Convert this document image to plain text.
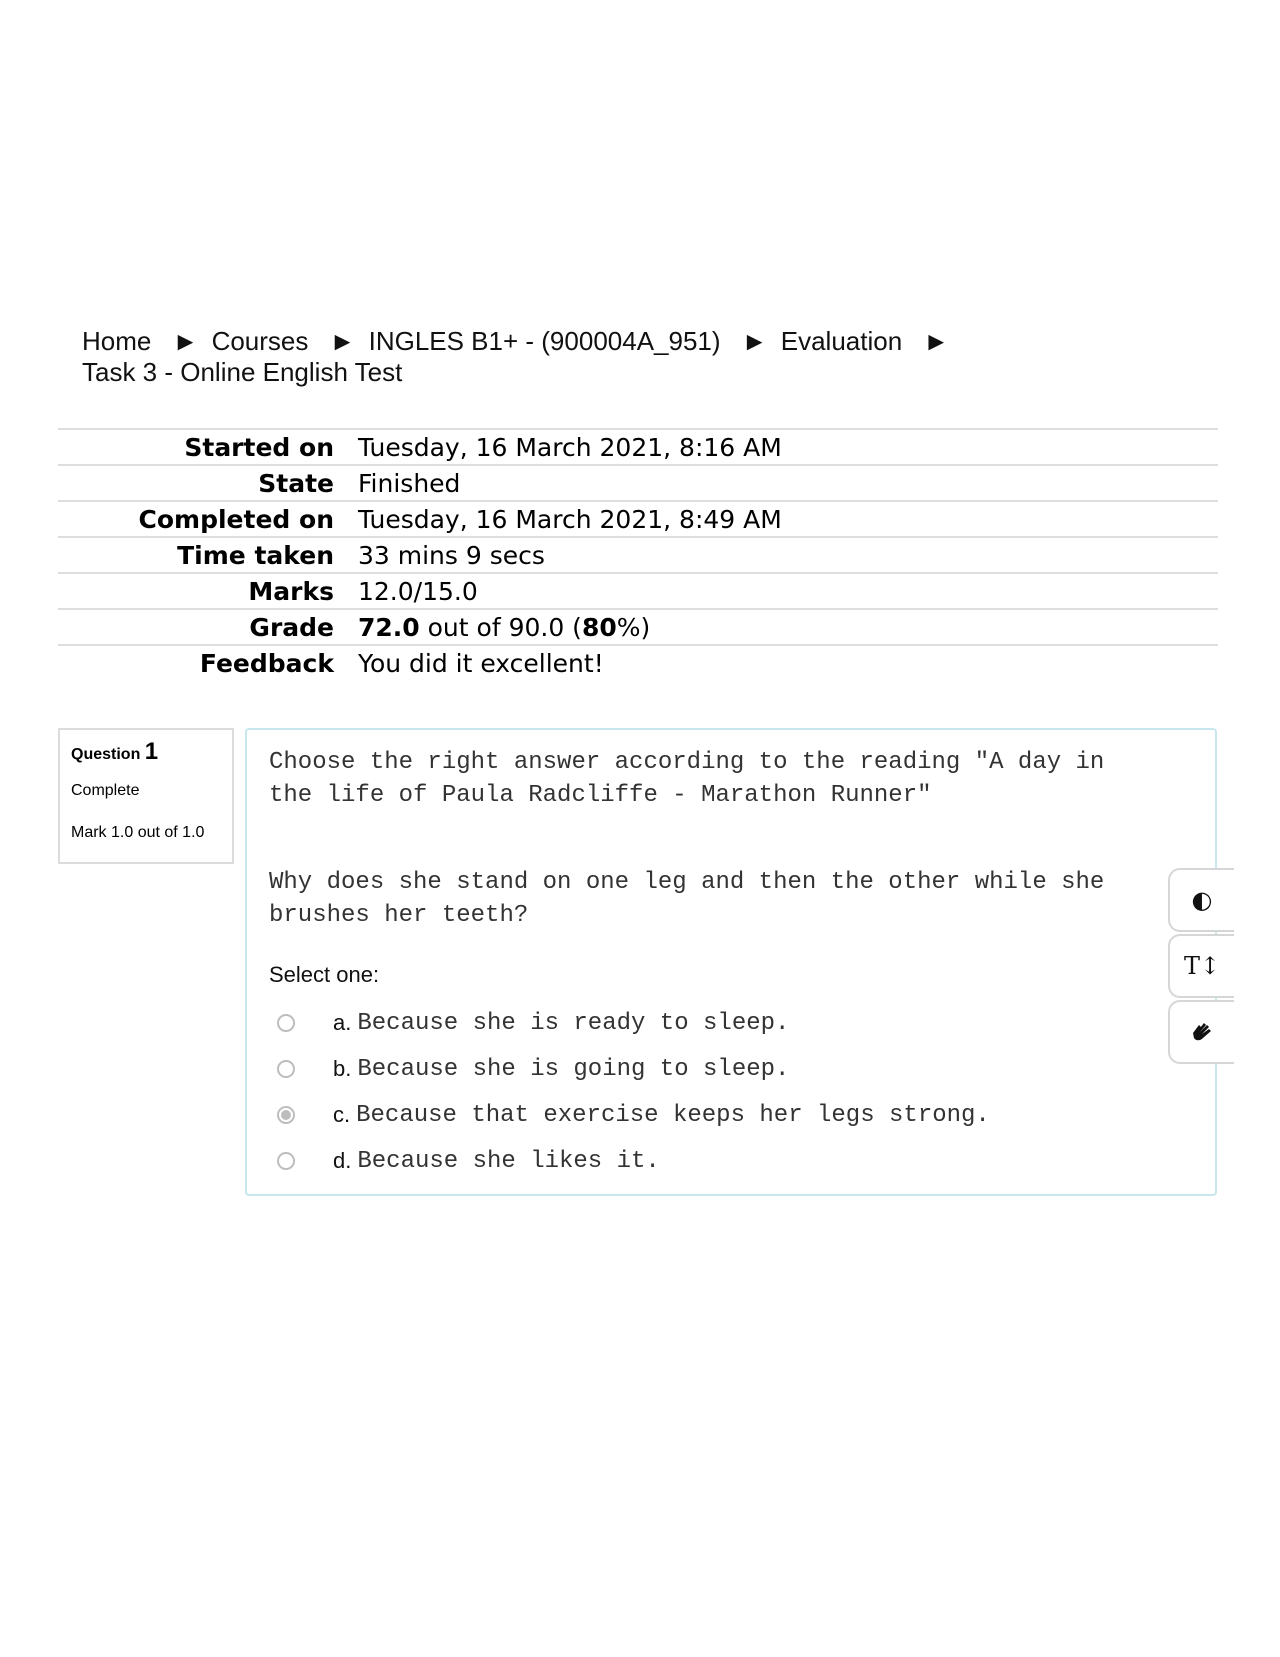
Home ► Courses ► INGLES B1+ - (900004A_951) ► Evaluation ►
Task 3 - Online English Test
Started on	Tuesday, 16 March 2021, 8:16 AM
State	Finished
Completed on	Tuesday, 16 March 2021, 8:49 AM
Time taken	33 mins 9 secs
Marks	12.0/15.0
Grade	72.0 out of 90.0 (80%)
Feedback	You did it excellent!
Question 1
Complete
Mark 1.0 out of 1.0
Choose the right answer according to the reading "A day in the life of Paula Radcliffe - Marathon Runner"
Why does she stand on one leg and then the other while she brushes her teeth?
Select one:
a. Because she is ready to sleep.
b. Because she is going to sleep.
c. Because that exercise keeps her legs strong.
d. Because she likes it.
◐
T↕
